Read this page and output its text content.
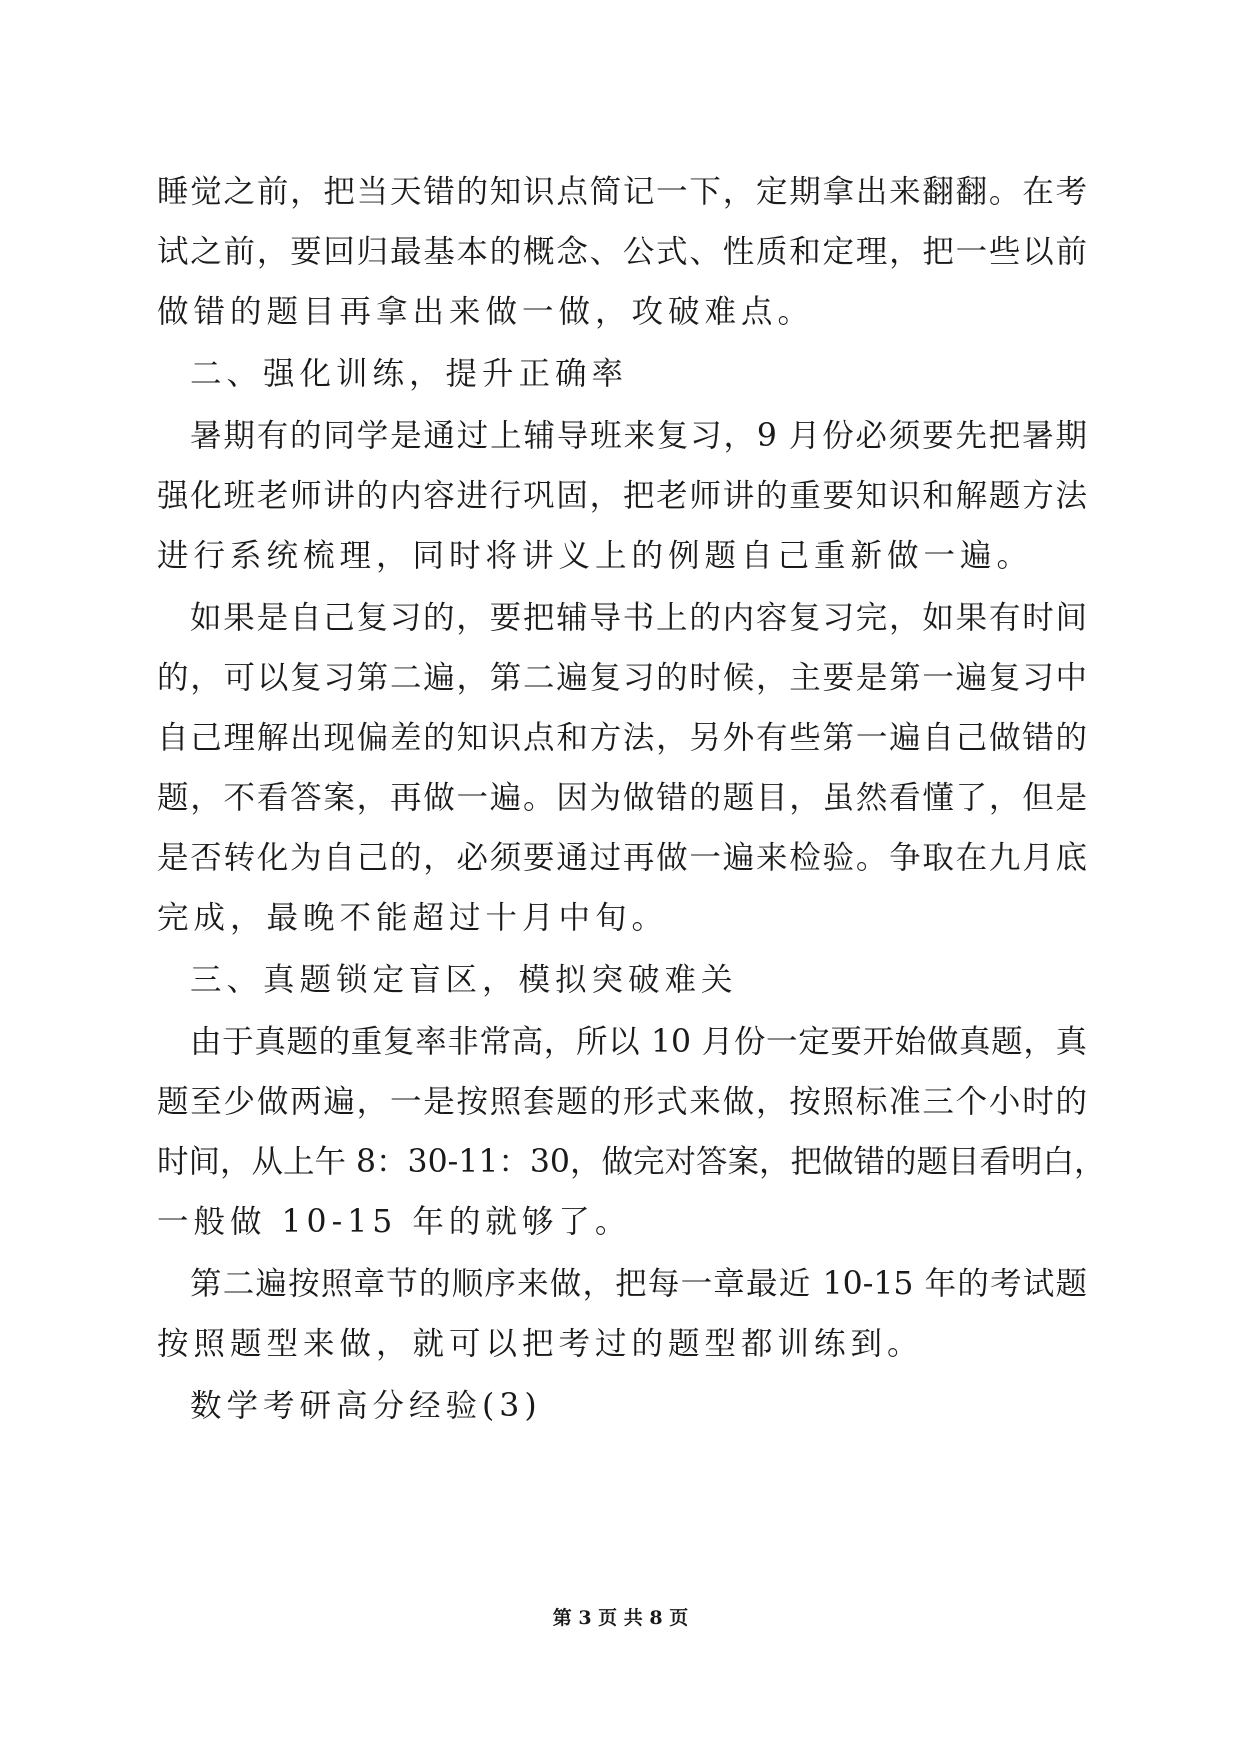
睡觉之前，把当天错的知识点简记一下，定期拿出来翻翻。在考
试之前，要回归最基本的概念、公式、性质和定理，把一些以前
做错的题目再拿出来做一做，攻破难点。
二、强化训练，提升正确率
暑期有的同学是通过上辅导班来复习，9 月份必须要先把暑期
强化班老师讲的内容进行巩固，把老师讲的重要知识和解题方法
进行系统梳理，同时将讲义上的例题自己重新做一遍。
如果是自己复习的，要把辅导书上的内容复习完，如果有时间
的，可以复习第二遍，第二遍复习的时候，主要是第一遍复习中
自己理解出现偏差的知识点和方法，另外有些第一遍自己做错的
题，不看答案，再做一遍。因为做错的题目，虽然看懂了，但是
是否转化为自己的，必须要通过再做一遍来检验。争取在九月底
完成，最晚不能超过十月中旬。
三、真题锁定盲区，模拟突破难关
由于真题的重复率非常高，所以 10 月份一定要开始做真题，真
题至少做两遍，一是按照套题的形式来做，按照标准三个小时的
时间，从上午 8：30-11：30，做完对答案，把做错的题目看明白，
一般做 10-15 年的就够了。
第二遍按照章节的顺序来做，把每一章最近 10-15 年的考试题
按照题型来做，就可以把考过的题型都训练到。
数学考研高分经验(3)
第 3 页 共 8 页
